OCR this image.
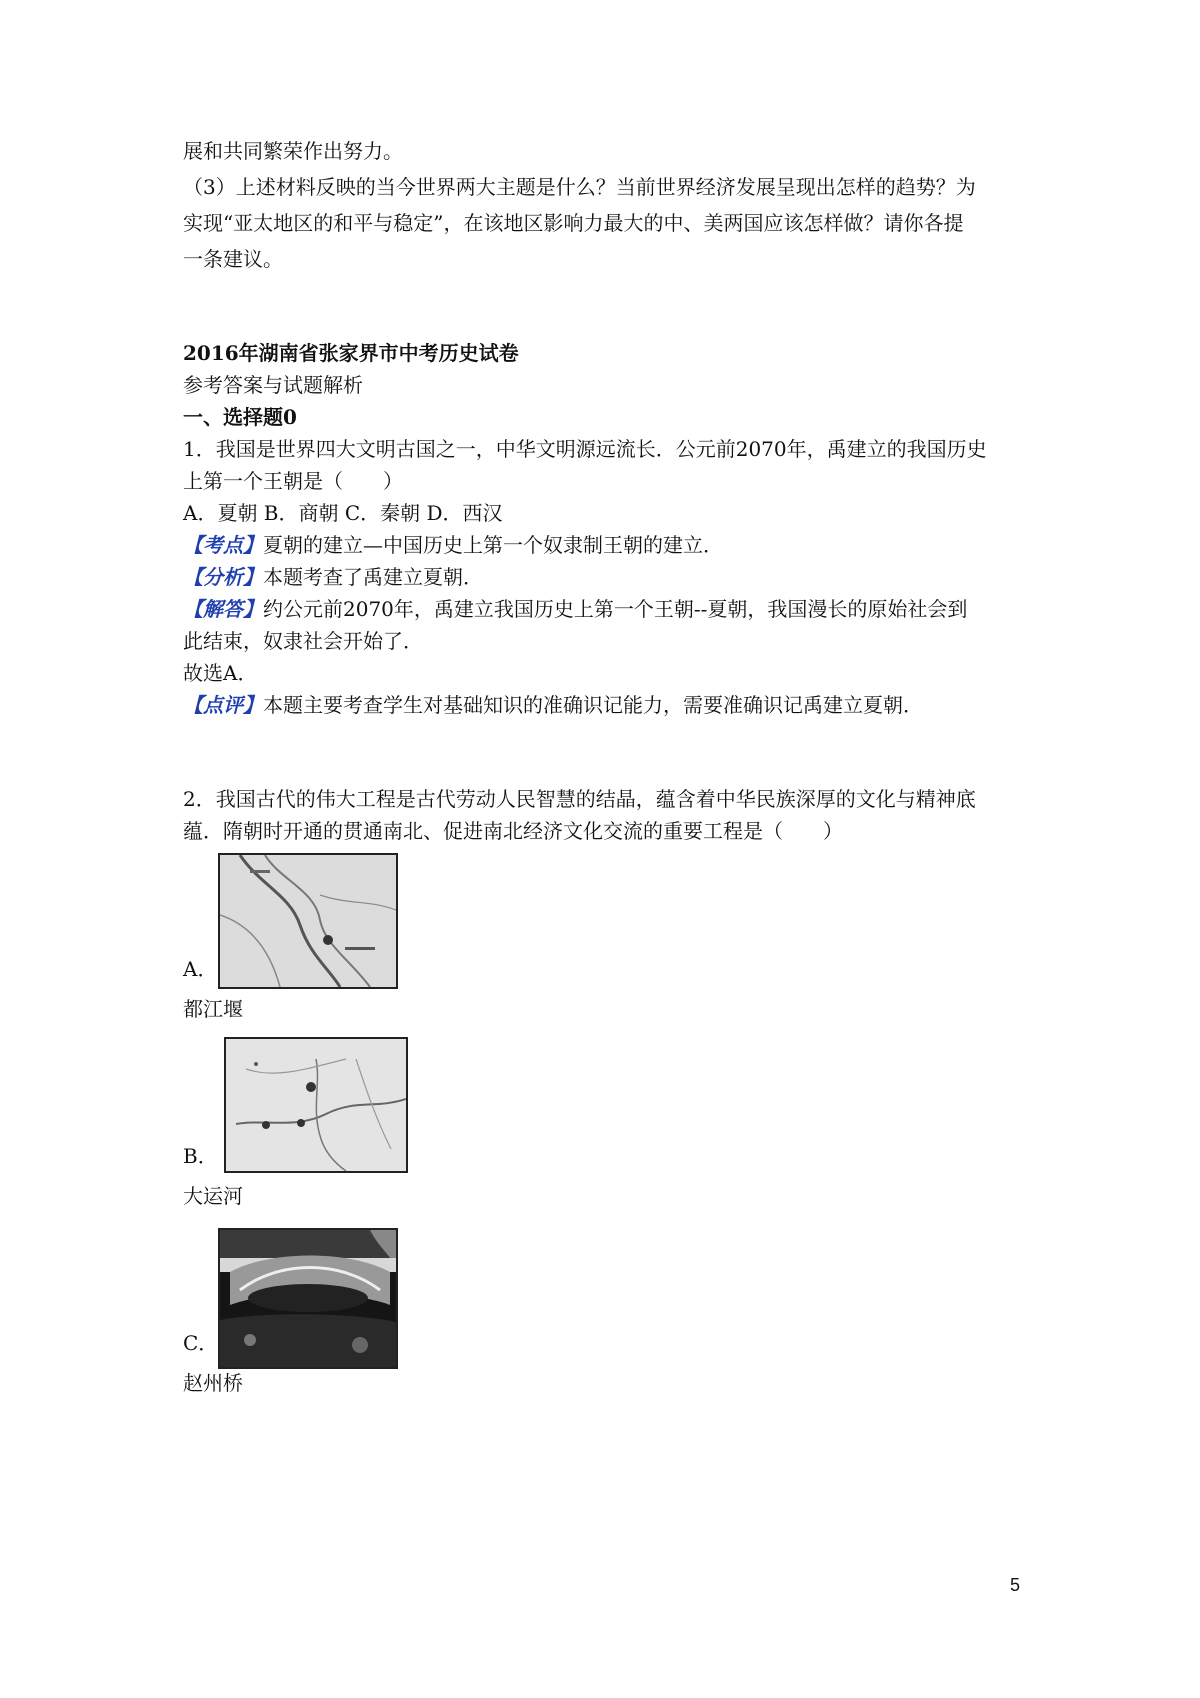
展和共同繁荣作出努力。
（3）上述材料反映的当今世界两大主题是什么？当前世界经济发展呈现出怎样的趋势？为
实现“亚太地区的和平与稳定”，在该地区影响力最大的中、美两国应该怎样做？请你各提
一条建议。
2016年湖南省张家界市中考历史试卷
参考答案与试题解析
一、选择题0
1．我国是世界四大文明古国之一，中华文明源远流长．公元前2070年，禹建立的我国历史
上第一个王朝是（　　）
A．夏朝 B．商朝 C．秦朝 D．西汉
【考点】夏朝的建立—中国历史上第一个奴隶制王朝的建立．
【分析】本题考查了禹建立夏朝．
【解答】约公元前2070年，禹建立我国历史上第一个王朝--夏朝，我国漫长的原始社会到
此结束，奴隶社会开始了．
故选A．
【点评】本题主要考查学生对基础知识的准确识记能力，需要准确识记禹建立夏朝．
2．我国古代的伟大工程是古代劳动人民智慧的结晶，蕴含着中华民族深厚的文化与精神底
蕴．隋朝时开通的贯通南北、促进南北经济文化交流的重要工程是（　　）
A．
都江堰
B．
大运河
C．
赵州桥
5
